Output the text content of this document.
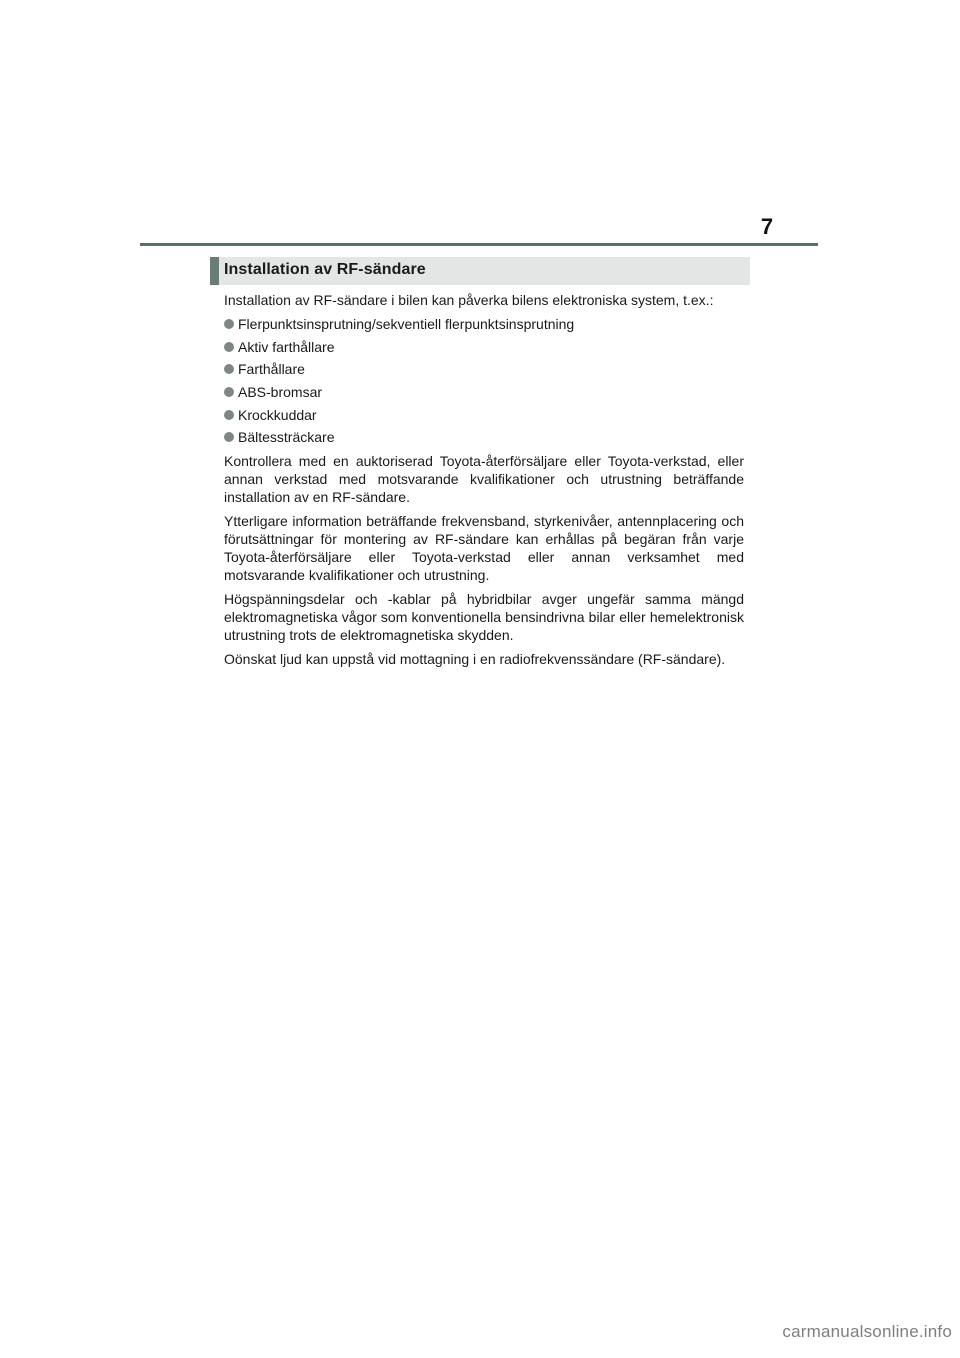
7
Installation av RF-sändare

Installation av RF-sändare i bilen kan påverka bilens elektroniska system, t.ex.:

Flerpunktsinsprutning/sekventiell flerpunktsinsprutning
Aktiv farthållare
Farthållare
ABS-bromsar
Krockkuddar
Bältessträckare

Kontrollera med en auktoriserad Toyota-återförsäljare eller Toyota-verkstad, eller annan verkstad med motsvarande kvalifikationer och utrustning beträffande installation av en RF-sändare.

Ytterligare information beträffande frekvensband, styrkenivåer, antennplacering och förutsättningar för montering av RF-sändare kan erhållas på begäran från varje Toyota-återförsäljare eller Toyota-verkstad eller annan verksamhet med motsvarande kvalifikationer och utrustning.

Högspänningsdelar och -kablar på hybridbilar avger ungefär samma mängd elektromagnetiska vågor som konventionella bensindrivna bilar eller hemelektronisk utrustning trots de elektromagnetiska skydden.

Oönskat ljud kan uppstå vid mottagning i en radiofrekvenssändare (RF-sändare).

carmanualsonline.info
